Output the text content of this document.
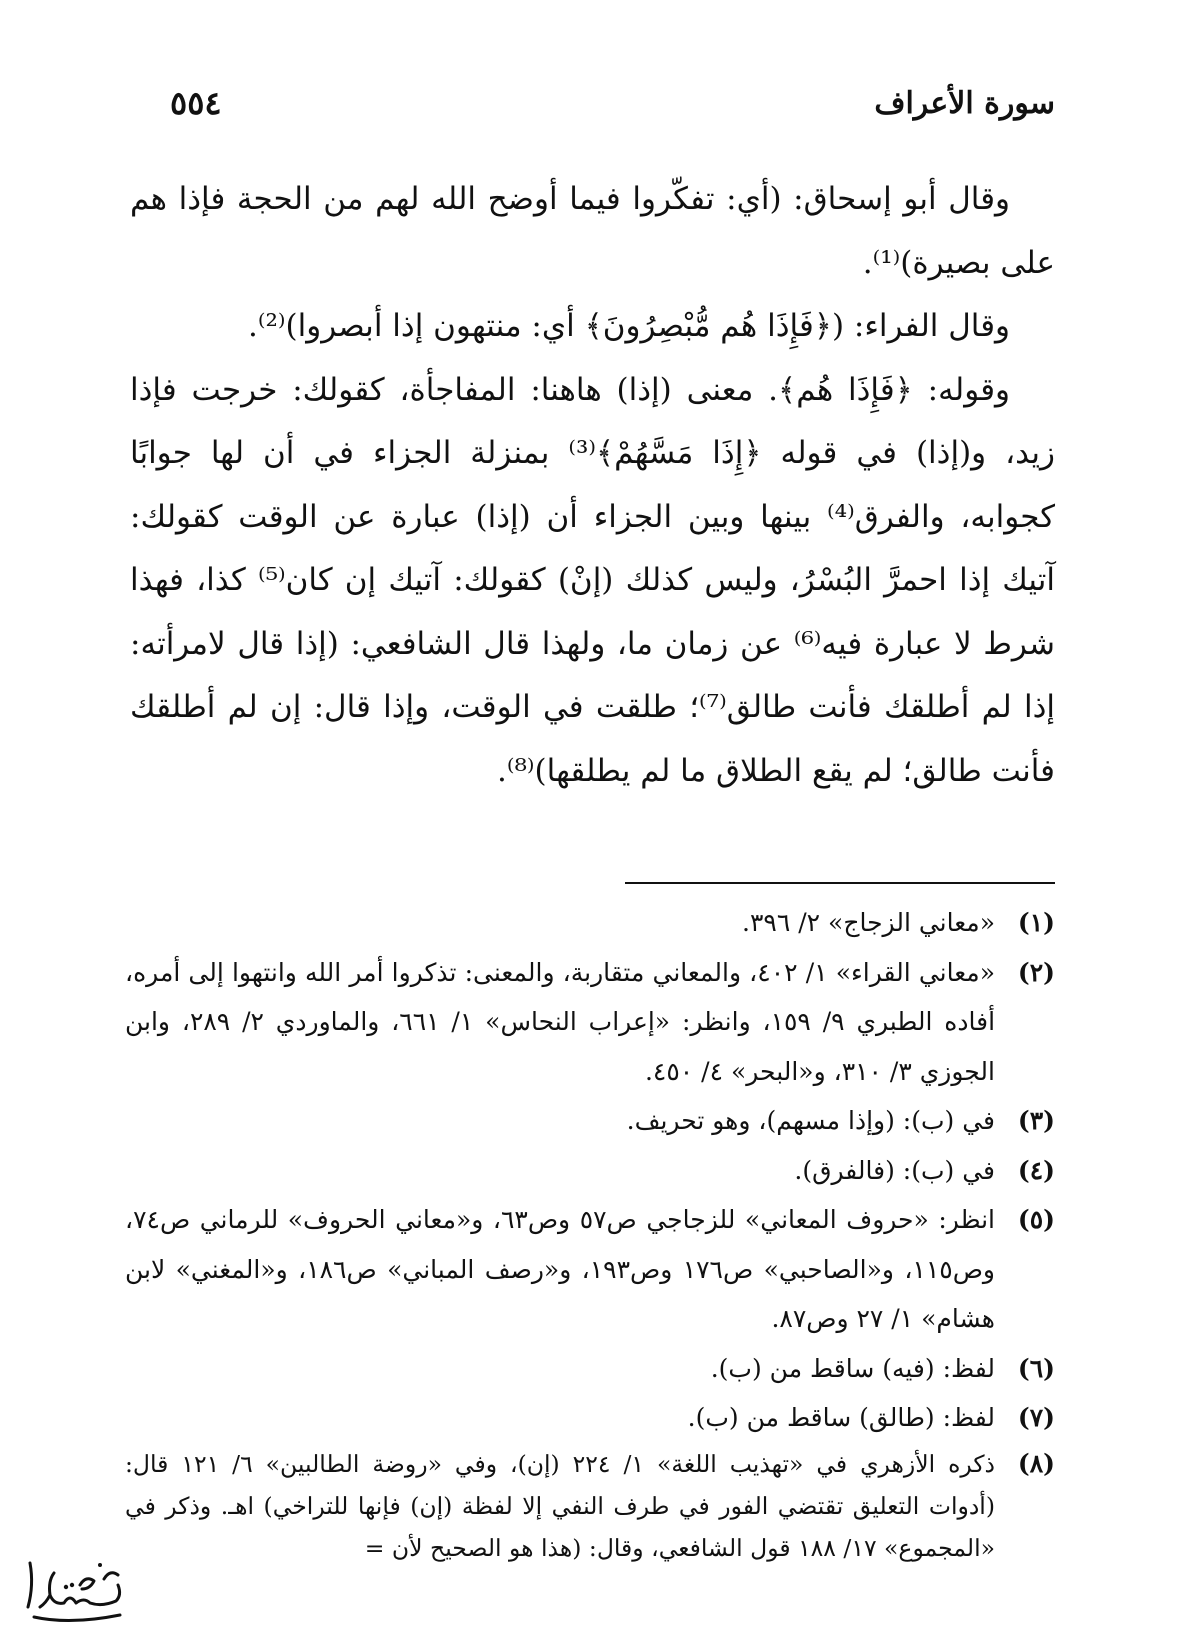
سورة الأعراف
٥٥٤

وقال أبو إسحاق: (أي: تفكّروا فيما أوضح الله لهم من الحجة فإذا هم على بصيرة)⁽¹⁾.

وقال الفراء: (﴿فَإِذَا هُم مُّبْصِرُونَ﴾ أي: منتهون إذا أبصروا)⁽²⁾.

وقوله: ﴿فَإِذَا هُم﴾. معنى (إذا) هاهنا: المفاجأة، كقولك: خرجت فإذا زيد، و(إذا) في قوله ﴿إِذَا مَسَّهُمْ﴾⁽³⁾ بمنزلة الجزاء في أن لها جوابًا كجوابه، والفرق⁽⁴⁾ بينها وبين الجزاء أن (إذا) عبارة عن الوقت كقولك: آتيك إذا احمرَّ البُسْرُ، وليس كذلك (إنْ) كقولك: آتيك إن كان⁽⁵⁾ كذا، فهذا شرط لا عبارة فيه⁽⁶⁾ عن زمان ما، ولهذا قال الشافعي: (إذا قال لامرأته: إذا لم أطلقك فأنت طالق⁽⁷⁾؛ طلقت في الوقت، وإذا قال: إن لم أطلقك فأنت طالق؛ لم يقع الطلاق ما لم يطلقها)⁽⁸⁾.

(١)
«معاني الزجاج» ٢/ ٣٩٦.
(٢)
«معاني القراء» ١/ ٤٠٢، والمعاني متقاربة، والمعنى: تذكروا أمر الله وانتهوا إلى أمره، أفاده الطبري ٩/ ١٥٩، وانظر: «إعراب النحاس» ١/ ٦٦١، والماوردي ٢/ ٢٨٩، وابن الجوزي ٣/ ٣١٠، و«البحر» ٤/ ٤٥٠.
(٣)
في (ب): (وإذا مسهم)، وهو تحريف.
(٤)
في (ب): (فالفرق).
(٥)
انظر: «حروف المعاني» للزجاجي ص٥٧ وص٦٣، و«معاني الحروف» للرماني ص٧٤، وص١١٥، و«الصاحبي» ص١٧٦ وص١٩٣، و«رصف المباني» ص١٨٦، و«المغني» لابن هشام» ١/ ٢٧ وص٨٧.
(٦)
لفظ: (فيه) ساقط من (ب).
(٧)
لفظ: (طالق) ساقط من (ب).
(٨)
ذكره الأزهري في «تهذيب اللغة» ١/ ٢٢٤ (إن)، وفي «روضة الطالبين» ٦/ ١٢١ قال: (أدوات التعليق تقتضي الفور في طرف النفي إلا لفظة (إن) فإنها للتراخي) اهـ. وذكر في «المجموع» ١٧/ ١٨٨ قول الشافعي، وقال: (هذا هو الصحيح لأن =
